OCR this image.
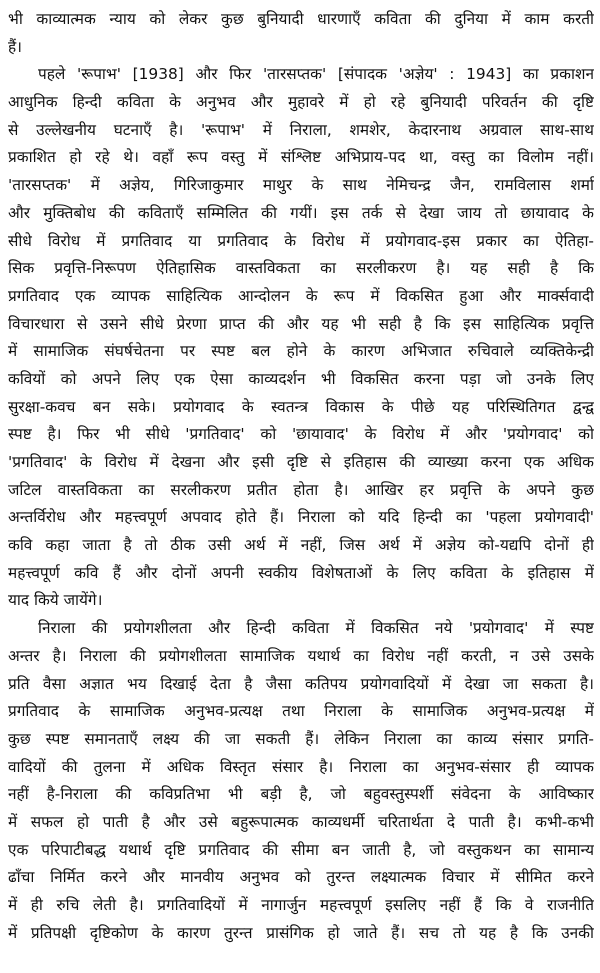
भी काव्यात्मक न्याय को लेकर कुछ बुनियादी धारणाएँ कविता की दुनिया में काम करती
हैं।
पहले 'रूपाभ' [1938] और फिर 'तारसप्तक' [संपादक 'अज्ञेय' : 1943] का प्रकाशन
आधुनिक हिन्दी कविता के अनुभव और मुहावरे में हो रहे बुनियादी परिवर्तन की दृष्टि
से उल्लेखनीय घटनाएँ है। 'रूपाभ' में निराला, शमशेर, केदारनाथ अग्रवाल साथ-साथ
प्रकाशित हो रहे थे। वहाँ रूप वस्तु में संश्लिष्ट अभिप्राय-पद था, वस्तु का विलोम नहीं।
'तारसप्तक' में अज्ञेय, गिरिजाकुमार माथुर के साथ नेमिचन्द्र जैन, रामविलास शर्मा
और मुक्तिबोध की कविताएँ सम्मिलित की गयीं। इस तर्क से देखा जाय तो छायावाद के
सीधे विरोध में प्रगतिवाद या प्रगतिवाद के विरोध में प्रयोगवाद-इस प्रकार का ऐतिहा-
सिक प्रवृत्ति-निरूपण ऐतिहासिक वास्तविकता का सरलीकरण है। यह सही है कि
प्रगतिवाद एक व्यापक साहित्यिक आन्दोलन के रूप में विकसित हुआ और मार्क्सवादी
विचारधारा से उसने सीधे प्रेरणा प्राप्त की और यह भी सही है कि इस साहित्यिक प्रवृत्ति
में सामाजिक संघर्षचेतना पर स्पष्ट बल होने के कारण अभिजात रुचिवाले व्यक्तिकेन्द्री
कवियों को अपने लिए एक ऐसा काव्यदर्शन भी विकसित करना पड़ा जो उनके लिए
सुरक्षा-कवच बन सके। प्रयोगवाद के स्वतन्त्र विकास के पीछे यह परिस्थितिगत द्वन्द्व
स्पष्ट है। फिर भी सीधे 'प्रगतिवाद' को 'छायावाद' के विरोध में और 'प्रयोगवाद' को
'प्रगतिवाद' के विरोध में देखना और इसी दृष्टि से इतिहास की व्याख्या करना एक अधिक
जटिल वास्तविकता का सरलीकरण प्रतीत होता है। आखिर हर प्रवृत्ति के अपने कुछ
अन्तर्विरोध और महत्त्वपूर्ण अपवाद होते हैं। निराला को यदि हिन्दी का 'पहला प्रयोगवादी'
कवि कहा जाता है तो ठीक उसी अर्थ में नहीं, जिस अर्थ में अज्ञेय को-यद्यपि दोनों ही
महत्त्वपूर्ण कवि हैं और दोनों अपनी स्वकीय विशेषताओं के लिए कविता के इतिहास में
याद किये जायेंगे।
निराला की प्रयोगशीलता और हिन्दी कविता में विकसित नये 'प्रयोगवाद' में स्पष्ट
अन्तर है। निराला की प्रयोगशीलता सामाजिक यथार्थ का विरोध नहीं करती, न उसे उसके
प्रति वैसा अज्ञात भय दिखाई देता है जैसा कतिपय प्रयोगवादियों में देखा जा सकता है।
प्रगतिवाद के सामाजिक अनुभव-प्रत्यक्ष तथा निराला के सामाजिक अनुभव-प्रत्यक्ष में
कुछ स्पष्ट समानताएँ लक्ष्य की जा सकती हैं। लेकिन निराला का काव्य संसार प्रगति-
वादियों की तुलना में अधिक विस्तृत संसार है। निराला का अनुभव-संसार ही व्यापक
नहीं है-निराला की कविप्रतिभा भी बड़ी है, जो बहुवस्तुस्पर्शी संवेदना के आविष्कार
में सफल हो पाती है और उसे बहुरूपात्मक काव्यधर्मी चरितार्थता दे पाती है। कभी-कभी
एक परिपाटीबद्ध यथार्थ दृष्टि प्रगतिवाद की सीमा बन जाती है, जो वस्तुकथन का सामान्य
ढाँचा निर्मित करने और मानवीय अनुभव को तुरन्त लक्ष्यात्मक विचार में सीमित करने
में ही रुचि लेती है। प्रगतिवादियों में नागार्जुन महत्त्वपूर्ण इसलिए नहीं हैं कि वे राजनीति
में प्रतिपक्षी दृष्टिकोण के कारण तुरन्त प्रासंगिक हो जाते हैं। सच तो यह है कि उनकी
